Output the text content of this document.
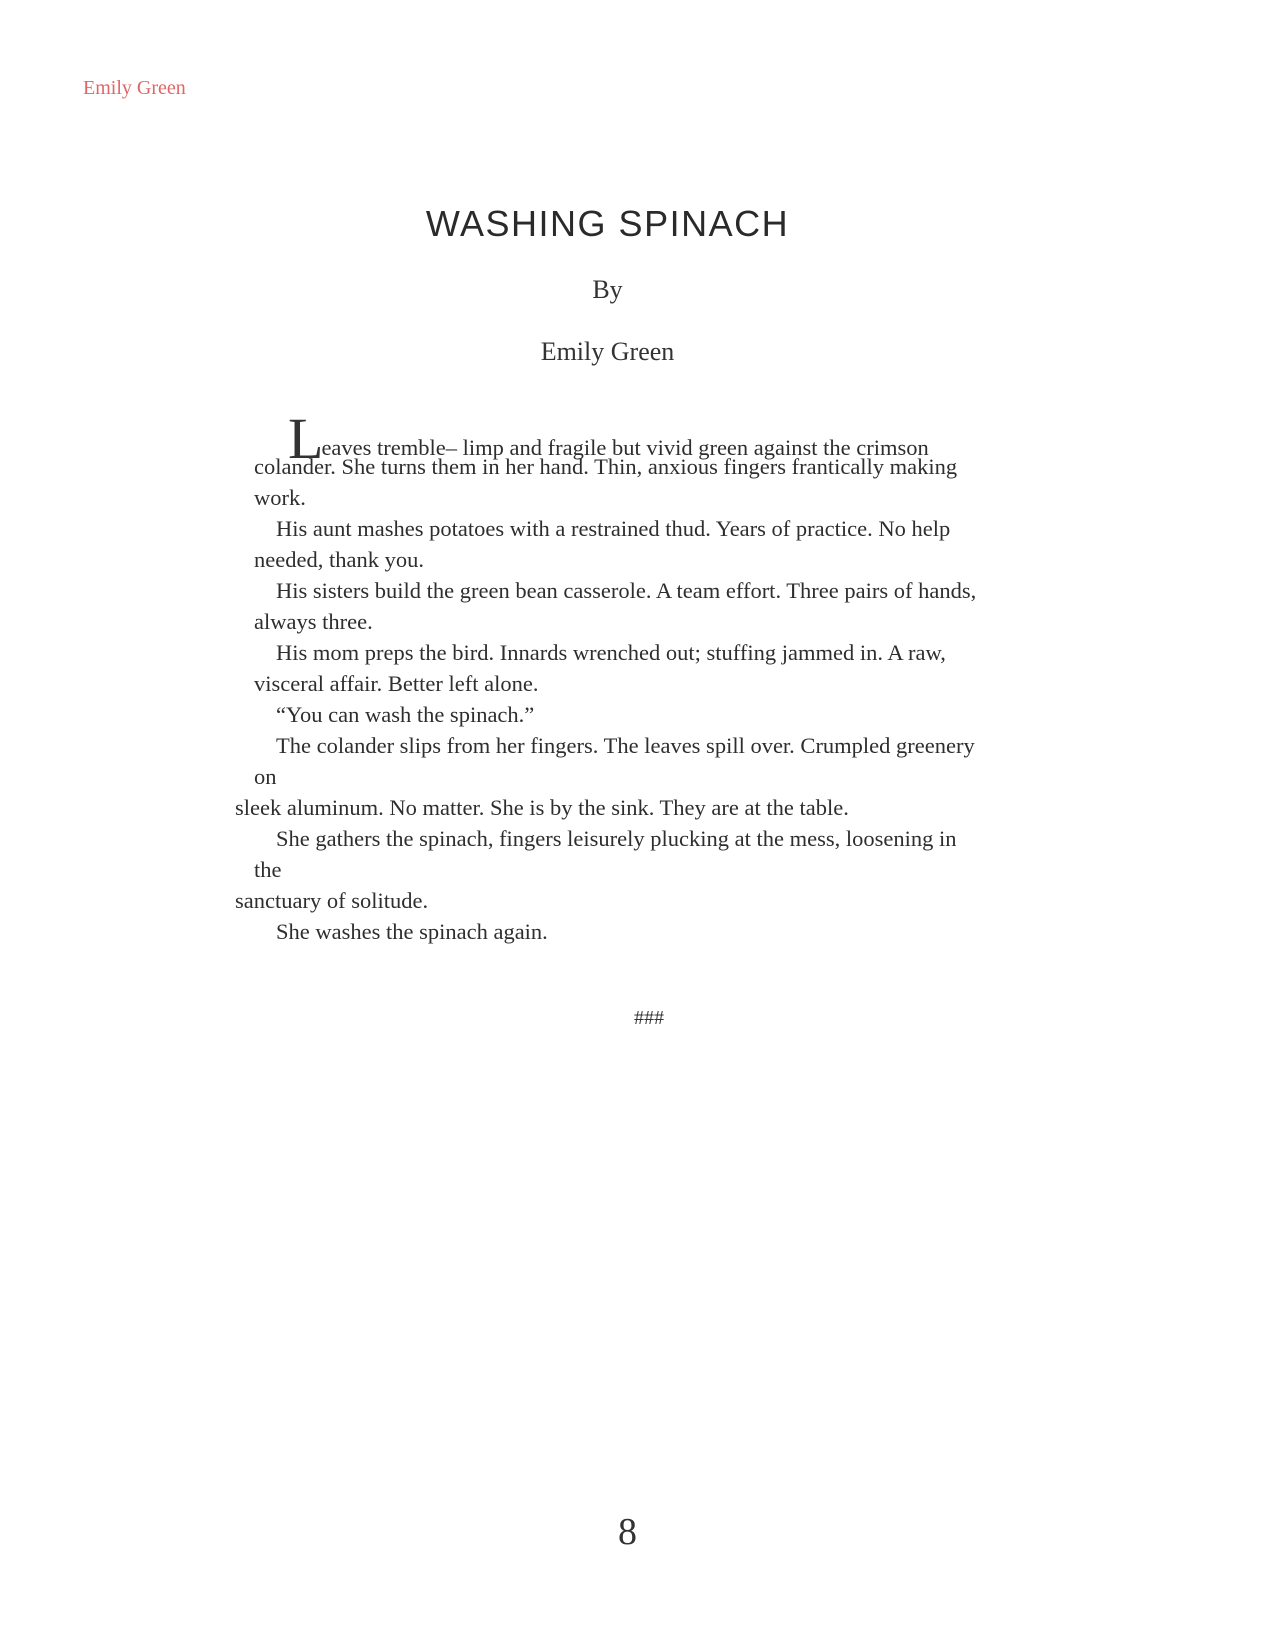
Emily Green
WASHING SPINACH
By
Emily Green
Leaves tremble– limp and fragile but vivid green against the crimson
colander. She turns them in her hand. Thin, anxious fingers frantically making
work.
His aunt mashes potatoes with a restrained thud. Years of practice. No help
needed, thank you.
His sisters build the green bean casserole. A team effort. Three pairs of hands,
always three.
His mom preps the bird. Innards wrenched out; stuffing jammed in. A raw,
visceral affair. Better left alone.
“You can wash the spinach.”
The colander slips from her fingers. The leaves spill over. Crumpled greenery
on
sleek aluminum. No matter. She is by the sink. They are at the table.
She gathers the spinach, fingers leisurely plucking at the mess, loosening in
the
sanctuary of solitude.
She washes the spinach again.
###
8
